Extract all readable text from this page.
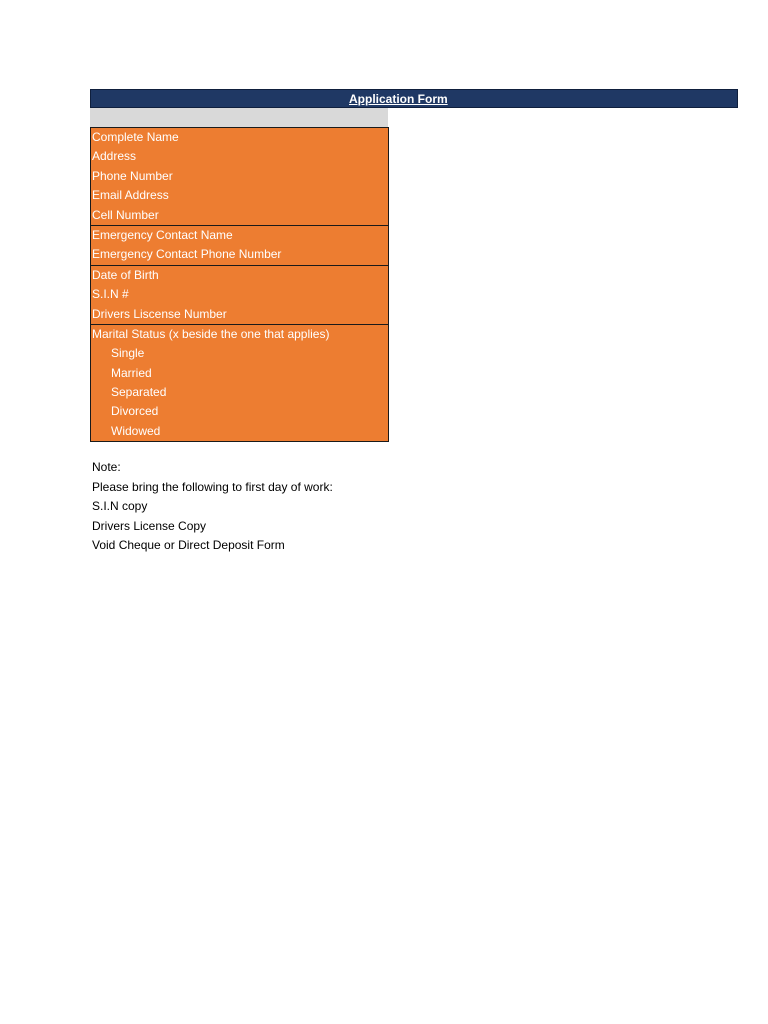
Application Form
Complete Name
Address
Phone Number
Email Address
Cell Number
Emergency Contact Name
Emergency Contact Phone Number
Date of Birth
S.I.N #
Drivers Liscense Number
Marital Status (x beside the one that applies)
Single
Married
Separated
Divorced
Widowed
Note:
Please bring the following to first day of work:
S.I.N copy
Drivers License Copy
Void Cheque or Direct Deposit Form
